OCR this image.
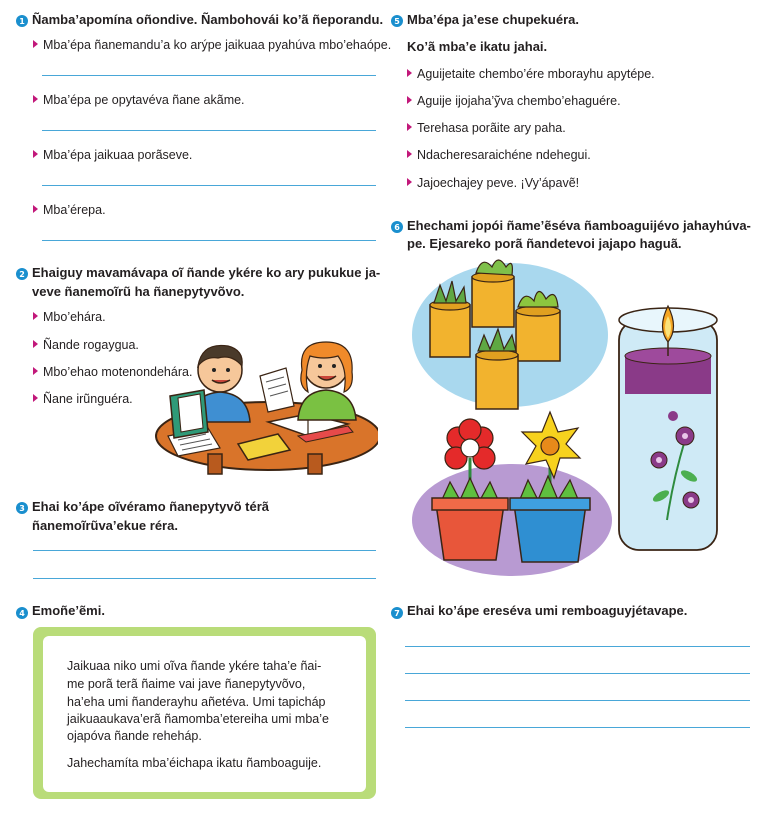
1 Ñamba’apomína oñondive. Ñambohovái ko’ã ñeporandu.
Mba’épa ñanemandu’a ko arýpe jaikuaa pyahúva mbo’ehaópe.
Mba’épa pe opytavéva ñane akãme.
Mba’épa jaikuaa porãseve.
Mba’érepa.
2 Ehaiguy mavamávapa oĩ ñande ykére ko ary pukukue ja-
veve ñanemoĩrũ ha ñanepytyvõvo.
Mbo’ehára.
Ñande rogaygua.
Mbo’ehao motenondehára.
Ñane irũnguéra.
3 Ehai ko’ápe oĩvéramo ñanepytyvõ térã
ñanemoĩrũva’ekue réra.
4 Emoñe’ẽmi.
Jaikuaa niko umi oĩva ñande ykére taha’e ñai-
me porã terã ñaime vai jave ñanepytyvõvo,
ha’eha umi ñanderayhu añetéva. Umi tapicháp
jaikuaaukava’erã ñamomba’etereiha umi mba’e
ojapóva ñande reheháp.
Jahechamíta mba’éichapa ikatu ñamboaguije.
5 Mba’épa ja’ese chupekuéra.
Ko’ã mba’e ikatu jahai.
Aguijetaite chembo’ére mborayhu apytépe.
Aguije ijojaha’ỹva chembo’ehaguére.
Terehasa porãite ary paha.
Ndacheresaraichéne ndehegui.
Jajoechajey peve. ¡Vy’ápavẽ!
6 Ehechami jopói ñame’ẽséva ñamboaguijévo jahayhúva-
pe. Ejesareko porã ñandetevoi jajapo haguã.
7 Ehai ko’ápe ereséva umi remboaguyjétavape.
